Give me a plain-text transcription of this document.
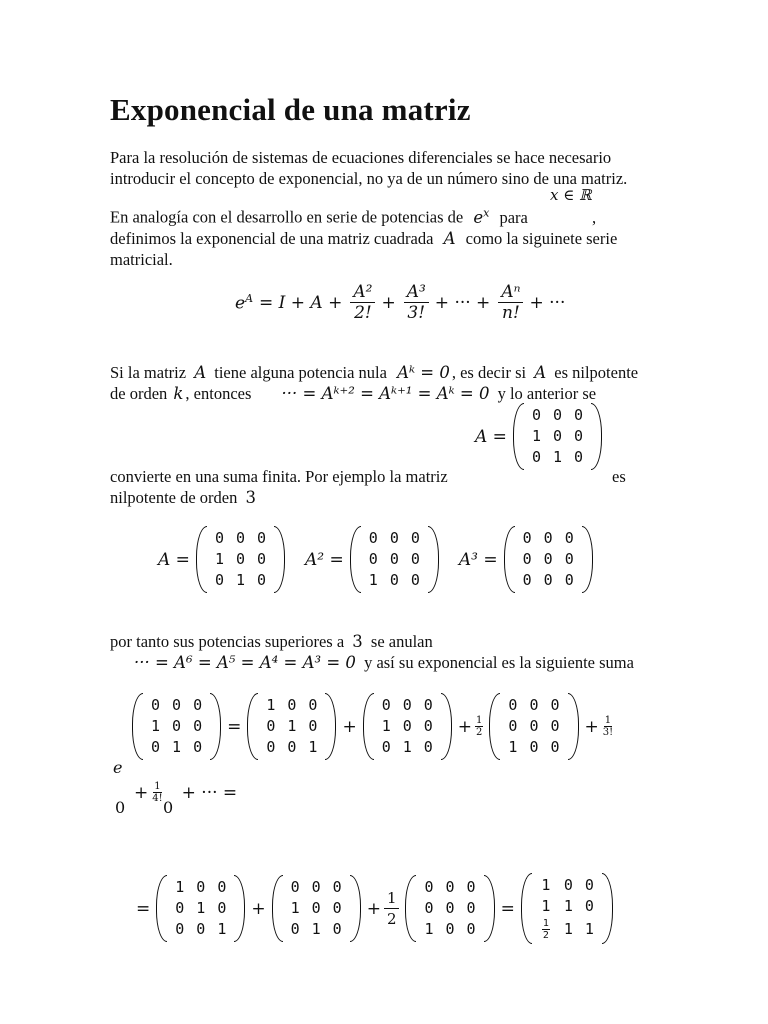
Exponencial de una matriz

Para la resolución de sistemas de ecuaciones diferenciales se hace necesario
introducir el concepto de exponencial, no ya de un número sino de una matriz.

x ∈ ℝ

En analogía con el desarrollo en serie de potencias de $e^x$ para	,
definimos la exponencial de una matriz cuadrada A como la siguinete serie
matricial.

$e^A = I + A + \frac{\text{A²}}{2!} + \frac{\text{A³}}{3!}$ + ··· + $\frac{\text{Aⁿ}}{n!}$ + ···

Si la matriz A tiene alguna potencia nula Aᵏ = 0 , es decir si A es nilpotente
de orden k , entonces ··· = Aᵏ⁺² = Aᵏ⁺¹ = Aᵏ = 0 y lo anterior se

A =
0	0	0
1	0	0
0	1	0

convierte en una suma finita. Por ejemplo la matriz	es

nilpotente de orden 3

A =
0	0	0
1	0	0
0	1	0
A² =
0	0	0
0	0	0
1	0	0
A³ =
0	0	0
0	0	0
0	0	0

por tanto sus potencias superiores a 3 se anulan
··· = A⁶ = A⁵ = A⁴ = A³ = 0 y así su exponencial es la siguiente suma

0	0	0
1	0	0
0	1	0
=
1	0	0
0	1	0
0	0	1
+
0	0	0
1	0	0
0	1	0
+ $\frac{1}{2}$
0	0	0
0	0	0
1	0	0
+ $\frac{1}{3!}$
e
0
+ $\frac{1}{4!}$ + ··· =
0
=
1	0	0
0	1	0
0	0	1
+
0	0	0
1	0	0
0	1	0
+ $\frac{1}{2}$
0	0	0
0	0	0
1	0	0
=
1	0	0
1	1	0

$\frac{1}{2}$	1	1
